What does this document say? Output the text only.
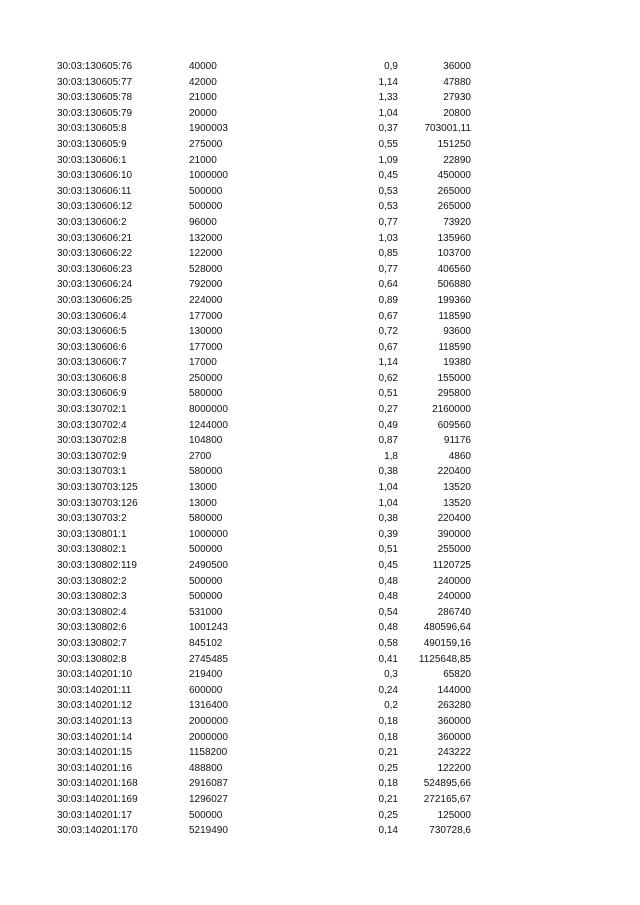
30:03:130605:76	40000	0,9	36000
30:03:130605:77	42000	1,14	47880
30:03:130605:78	21000	1,33	27930
30:03:130605:79	20000	1,04	20800
30:03:130605:8	1900003	0,37	703001,11
30:03:130605:9	275000	0,55	151250
30:03:130606:1	21000	1,09	22890
30:03:130606:10	1000000	0,45	450000
30:03:130606:11	500000	0,53	265000
30:03:130606:12	500000	0,53	265000
30:03:130606:2	96000	0,77	73920
30:03:130606:21	132000	1,03	135960
30:03:130606:22	122000	0,85	103700
30:03:130606:23	528000	0,77	406560
30:03:130606:24	792000	0,64	506880
30:03:130606:25	224000	0,89	199360
30:03:130606:4	177000	0,67	118590
30:03:130606:5	130000	0,72	93600
30:03:130606:6	177000	0,67	118590
30:03:130606:7	17000	1,14	19380
30:03:130606:8	250000	0,62	155000
30:03:130606:9	580000	0,51	295800
30:03:130702:1	8000000	0,27	2160000
30:03:130702:4	1244000	0,49	609560
30:03:130702:8	104800	0,87	91176
30:03:130702:9	2700	1,8	4860
30:03:130703:1	580000	0,38	220400
30:03:130703:125	13000	1,04	13520
30:03:130703:126	13000	1,04	13520
30:03:130703:2	580000	0,38	220400
30:03:130801:1	1000000	0,39	390000
30:03:130802:1	500000	0,51	255000
30:03:130802:119	2490500	0,45	1120725
30:03:130802:2	500000	0,48	240000
30:03:130802:3	500000	0,48	240000
30:03:130802:4	531000	0,54	286740
30:03:130802:6	1001243	0,48	480596,64
30:03:130802:7	845102	0,58	490159,16
30:03:130802:8	2745485	0,41	1125648,85
30:03:140201:10	219400	0,3	65820
30:03:140201:11	600000	0,24	144000
30:03:140201:12	1316400	0,2	263280
30:03:140201:13	2000000	0,18	360000
30:03:140201:14	2000000	0,18	360000
30:03:140201:15	1158200	0,21	243222
30:03:140201:16	488800	0,25	122200
30:03:140201:168	2916087	0,18	524895,66
30:03:140201:169	1296027	0,21	272165,67
30:03:140201:17	500000	0,25	125000
30:03:140201:170	5219490	0,14	730728,6
